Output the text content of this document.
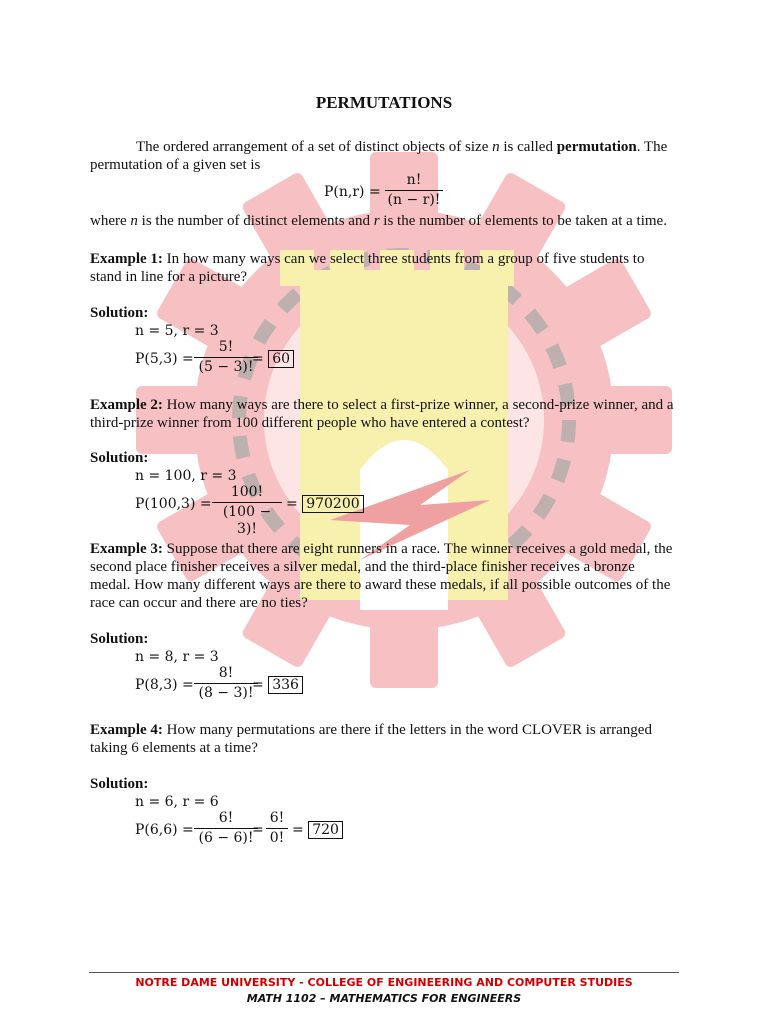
PERMUTATIONS
The ordered arrangement of a set of distinct objects of size n is called permutation. The
permutation of a given set is
P(n,r) =
n!
(n − r)!
where n is the number of distinct elements and r is the number of elements to be taken at a time.
Example 1: In how many ways can we select three students from a group of five students to
stand in line for a picture?
Solution:
n = 5, r = 3
P(5,3) =
5!
(5 − 3)!
= 60
Example 2: How many ways are there to select a first-prize winner, a second-prize winner, and a
third-prize winner from 100 different people who have entered a contest?
Solution:
n = 100, r = 3
P(100,3) =
100!
(100 − 3)!
= 970200
Example 3: Suppose that there are eight runners in a race. The winner receives a gold medal, the
second place finisher receives a silver medal, and the third-place finisher receives a bronze
medal. How many different ways are there to award these medals, if all possible outcomes of the
race can occur and there are no ties?
Solution:
n = 8, r = 3
P(8,3) =
8!
(8 − 3)!
= 336
Example 4: How many permutations are there if the letters in the word CLOVER is arranged
taking 6 elements at a time?
Solution:
n = 6, r = 6
P(6,6) =
6!
(6 − 6)!
=
6!
0! = 720
NOTRE DAME UNIVERSITY - COLLEGE OF ENGINEERING AND COMPUTER STUDIES
MATH 1102 – MATHEMATICS FOR ENGINEERS
